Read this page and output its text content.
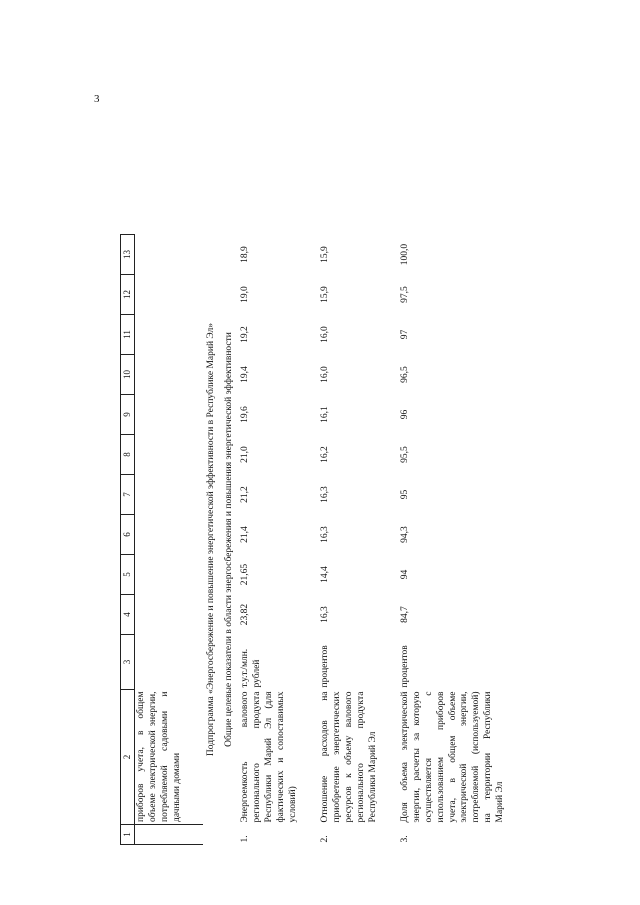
3
1	2	3	4	5	6	7	8	9	10	11	12	13
	приборов учета, в общем объеме электрической энергии, потребляемой садовыми и дачными домами											
Подпрограмма «Энергосбережение и повышение энергетической эффективности в Республике Марий Эл»												
Общие целевые показатели в области энергосбережения и повышения энергетической эффективности												
1.	Энергоемкость валового регионального продукта Республики Марий Эл (для фактических и сопоставимых условий)	т.у.т./млн. рублей	23,82	21,65	21,4	21,2	21,0	19,6	19,4	19,2	19,0	18,9
2.	Отношение расходов на приобретение энергетических ресурсов к объему валового регионального продукта Республики Марий Эл	процентов	16,3	14,4	16,3	16,3	16,2	16,1	16,0	16,0	15,9	15,9
3.	Доля объема электрической энергии, расчеты за которую осуществляется с использованием приборов учета, в общем объеме электрической энергии, потребляемой (используемой) на территории Республики Марий Эл	процентов	84,7	94	94,3	95	95,5	96	96,5	97	97,5	100,0
